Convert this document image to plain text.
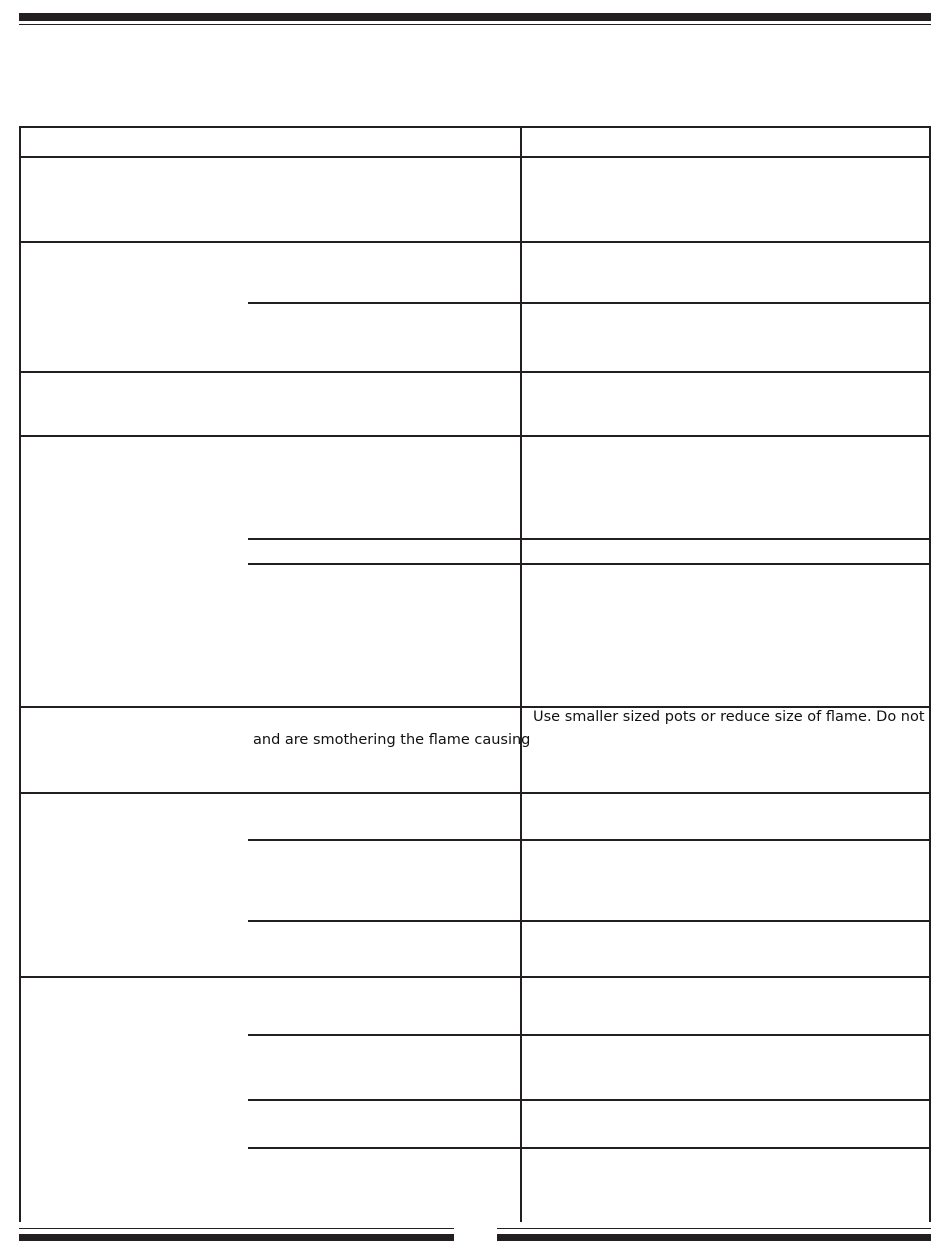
and are smothering the flame causing
Use smaller sized pots or reduce size of flame. Do not
